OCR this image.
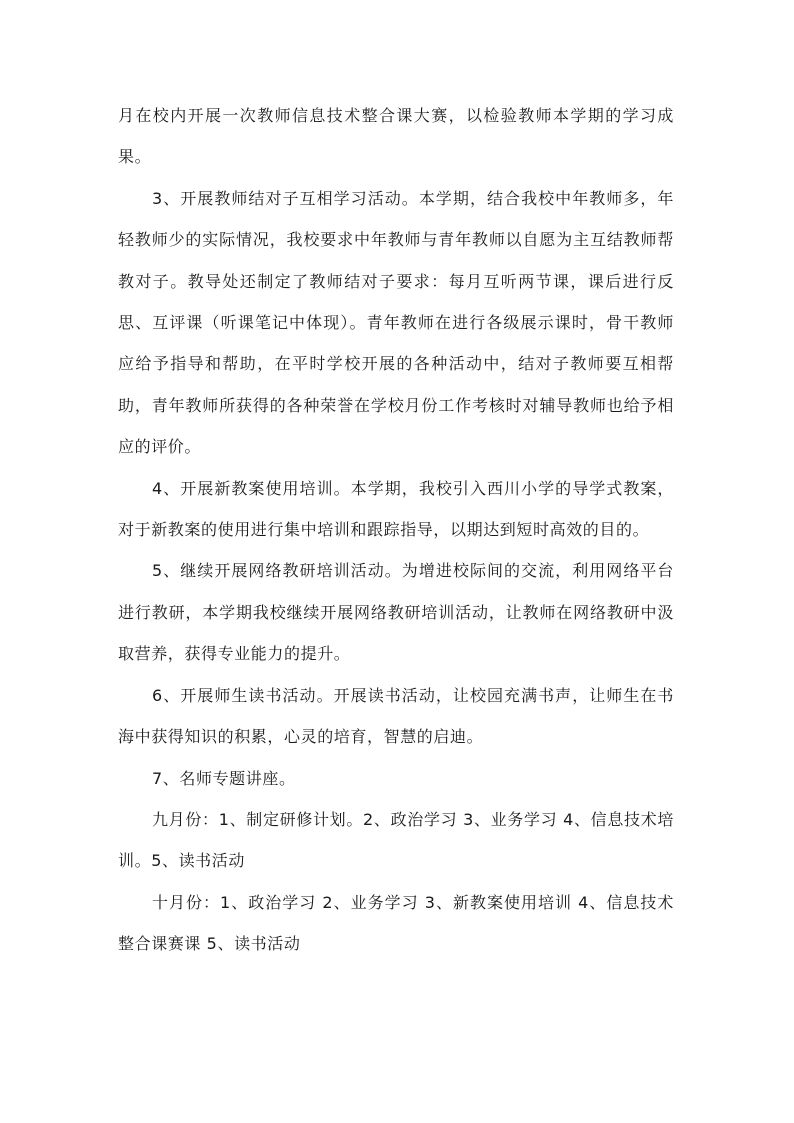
月在校内开展一次教师信息技术整合课大赛，以检验教师本学期的学习成果。

3、开展教师结对子互相学习活动。本学期，结合我校中年教师多，年轻教师少的实际情况，我校要求中年教师与青年教师以自愿为主互结教师帮教对子。教导处还制定了教师结对子要求：每月互听两节课，课后进行反思、互评课（听课笔记中体现）。青年教师在进行各级展示课时，骨干教师应给予指导和帮助，在平时学校开展的各种活动中，结对子教师要互相帮助，青年教师所获得的各种荣誉在学校月份工作考核时对辅导教师也给予相应的评价。

4、开展新教案使用培训。本学期，我校引入西川小学的导学式教案，对于新教案的使用进行集中培训和跟踪指导，以期达到短时高效的目的。

5、继续开展网络教研培训活动。为增进校际间的交流，利用网络平台进行教研，本学期我校继续开展网络教研培训活动，让教师在网络教研中汲取营养，获得专业能力的提升。

6、开展师生读书活动。开展读书活动，让校园充满书声，让师生在书海中获得知识的积累，心灵的培育，智慧的启迪。

7、名师专题讲座。

九月份：1、制定研修计划。2、政治学习 3、业务学习 4、信息技术培训。5、读书活动

十月份：1、政治学习 2、业务学习 3、新教案使用培训 4、信息技术整合课赛课 5、读书活动
